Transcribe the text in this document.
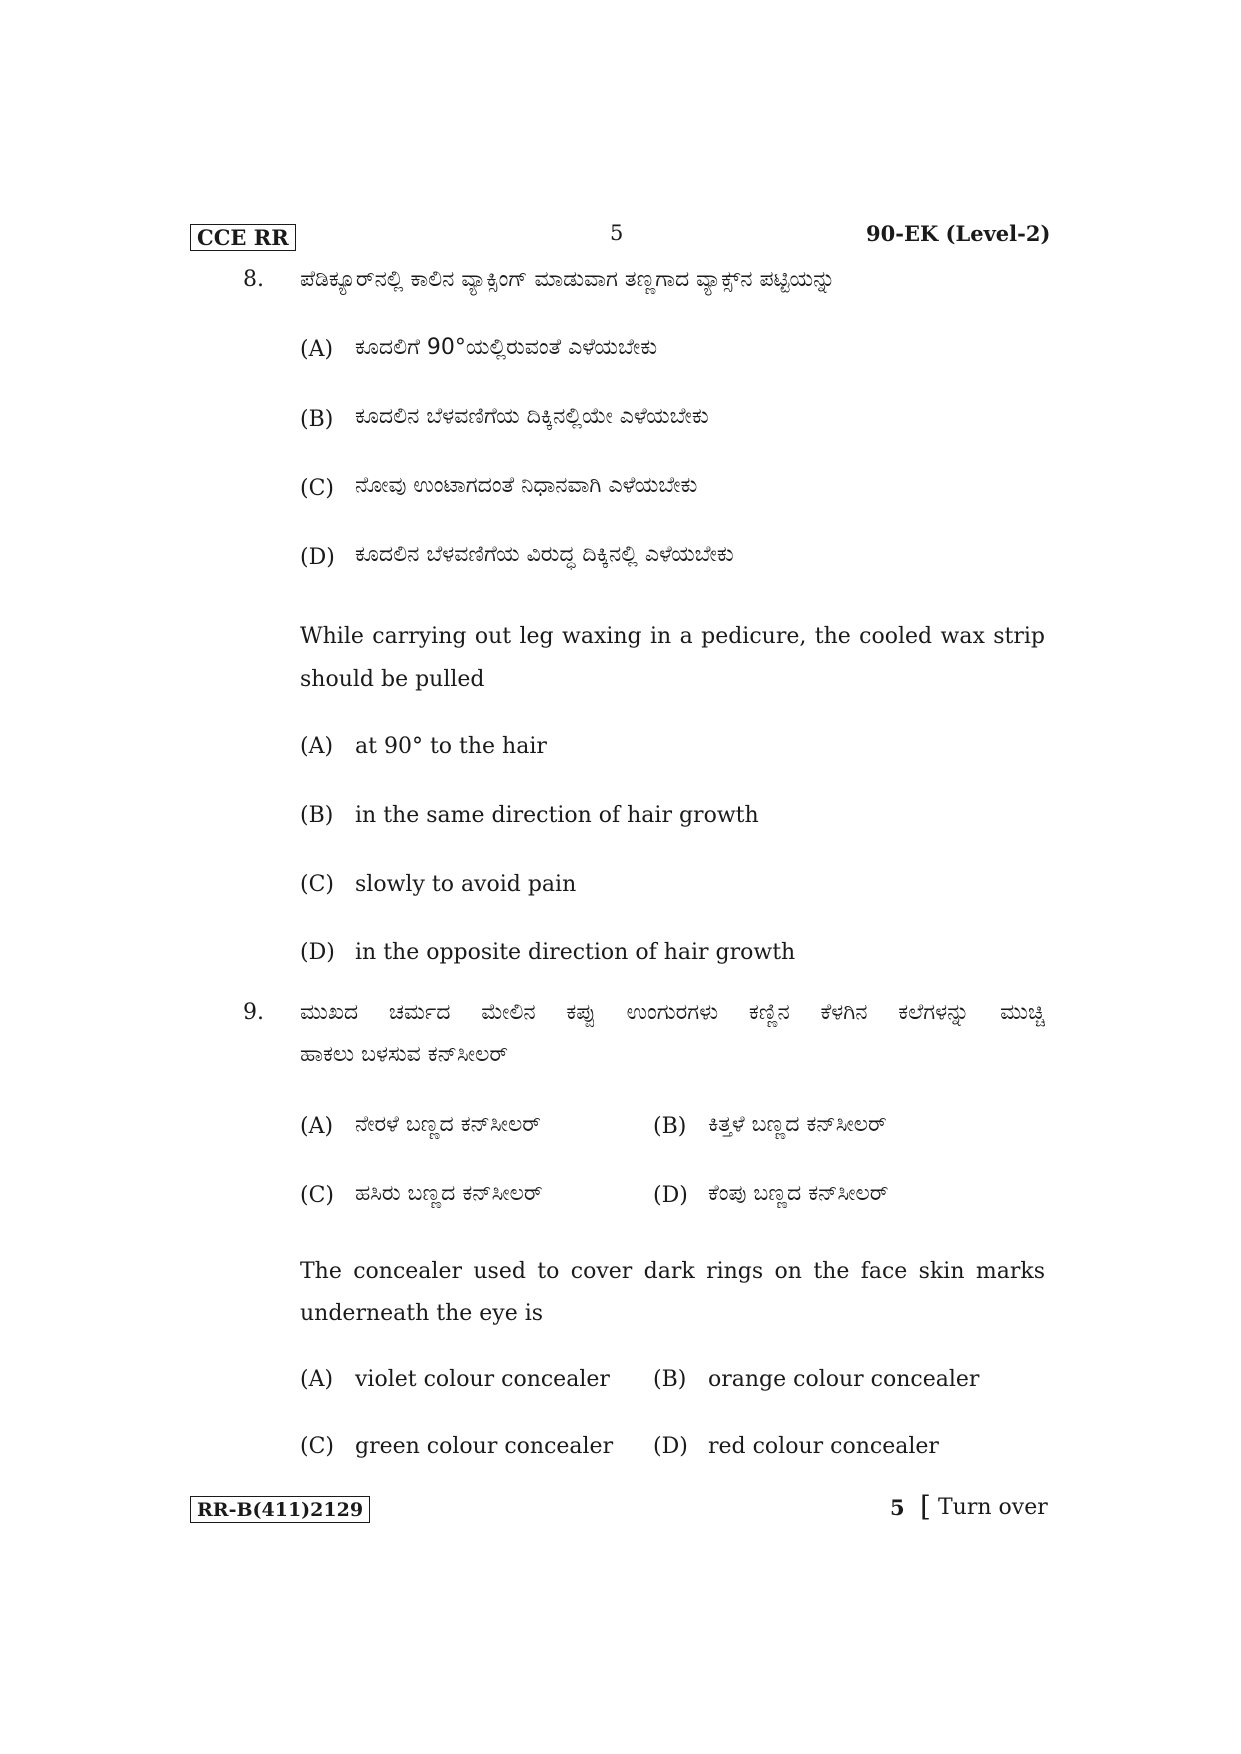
CCE RR	5	90-EK (Level-2)
8. ಪೆಡಿಕ್ಯೂರ್‌ನಲ್ಲಿ ಕಾಲಿನ ವ್ಯಾಕ್ಸಿಂಗ್ ಮಾಡುವಾಗ ತಣ್ಣಗಾದ ವ್ಯಾಕ್ಸ್‌ನ ಪಟ್ಟಿಯನ್ನು
(A) ಕೂದಲಿಗೆ 90°ಯಲ್ಲಿರುವಂತೆ ಎಳೆಯಬೇಕು
(B) ಕೂದಲಿನ ಬೆಳವಣಿಗೆಯ ದಿಕ್ಕಿನಲ್ಲಿಯೇ ಎಳೆಯಬೇಕು
(C) ನೋವು ಉಂಟಾಗದಂತೆ ನಿಧಾನವಾಗಿ ಎಳೆಯಬೇಕು
(D) ಕೂದಲಿನ ಬೆಳವಣಿಗೆಯ ವಿರುದ್ಧ ದಿಕ್ಕಿನಲ್ಲಿ ಎಳೆಯಬೇಕು
While carrying out leg waxing in a pedicure, the cooled wax strip
should be pulled
(A) at 90° to the hair
(B) in the same direction of hair growth
(C) slowly to avoid pain
(D) in the opposite direction of hair growth
9. ಮುಖದ ಚರ್ಮದ ಮೇಲಿನ ಕಪ್ಪು ಉಂಗುರಗಳು ಕಣ್ಣಿನ ಕೆಳಗಿನ ಕಲೆಗಳನ್ನು ಮುಚ್ಚಿ
ಹಾಕಲು ಬಳಸುವ ಕನ್‌ಸೀಲರ್
(A) ನೇರಳೆ ಬಣ್ಣದ ಕನ್‌ಸೀಲರ್	(B) ಕಿತ್ತಳೆ ಬಣ್ಣದ ಕನ್‌ಸೀಲರ್
(C) ಹಸಿರು ಬಣ್ಣದ ಕನ್‌ಸೀಲರ್	(D) ಕೆಂಪು ಬಣ್ಣದ ಕನ್‌ಸೀಲರ್
The concealer used to cover dark rings on the face skin marks
underneath the eye is
(A) violet colour concealer (B) orange colour concealer
(C) green colour concealer (D) red colour concealer
RR-B(411)2129	5 [ Turn over
